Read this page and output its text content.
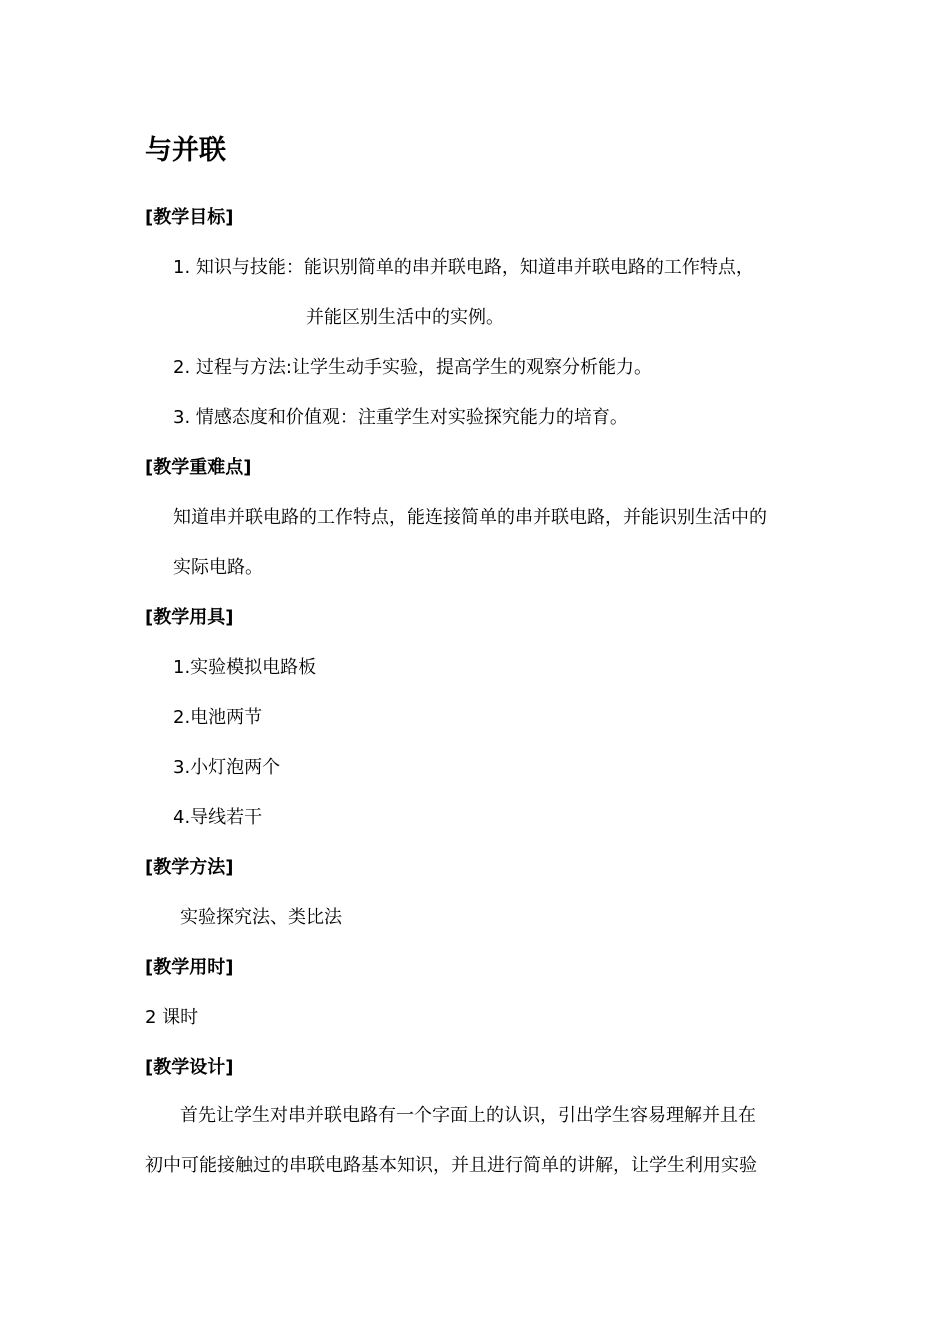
与并联
[教学目标]
1. 知识与技能：能识别简单的串并联电路，知道串并联电路的工作特点，
并能区别生活中的实例。
2. 过程与方法:让学生动手实验，提高学生的观察分析能力。
3. 情感态度和价值观：注重学生对实验探究能力的培育。
[教学重难点]
知道串并联电路的工作特点，能连接简单的串并联电路，并能识别生活中的
实际电路。
[教学用具]
1.实验模拟电路板
2.电池两节
3.小灯泡两个
4.导线若干
[教学方法]
实验探究法、类比法
[教学用时]
2 课时
[教学设计]
首先让学生对串并联电路有一个字面上的认识，引出学生容易理解并且在
初中可能接触过的串联电路基本知识，并且进行简单的讲解，让学生利用实验
